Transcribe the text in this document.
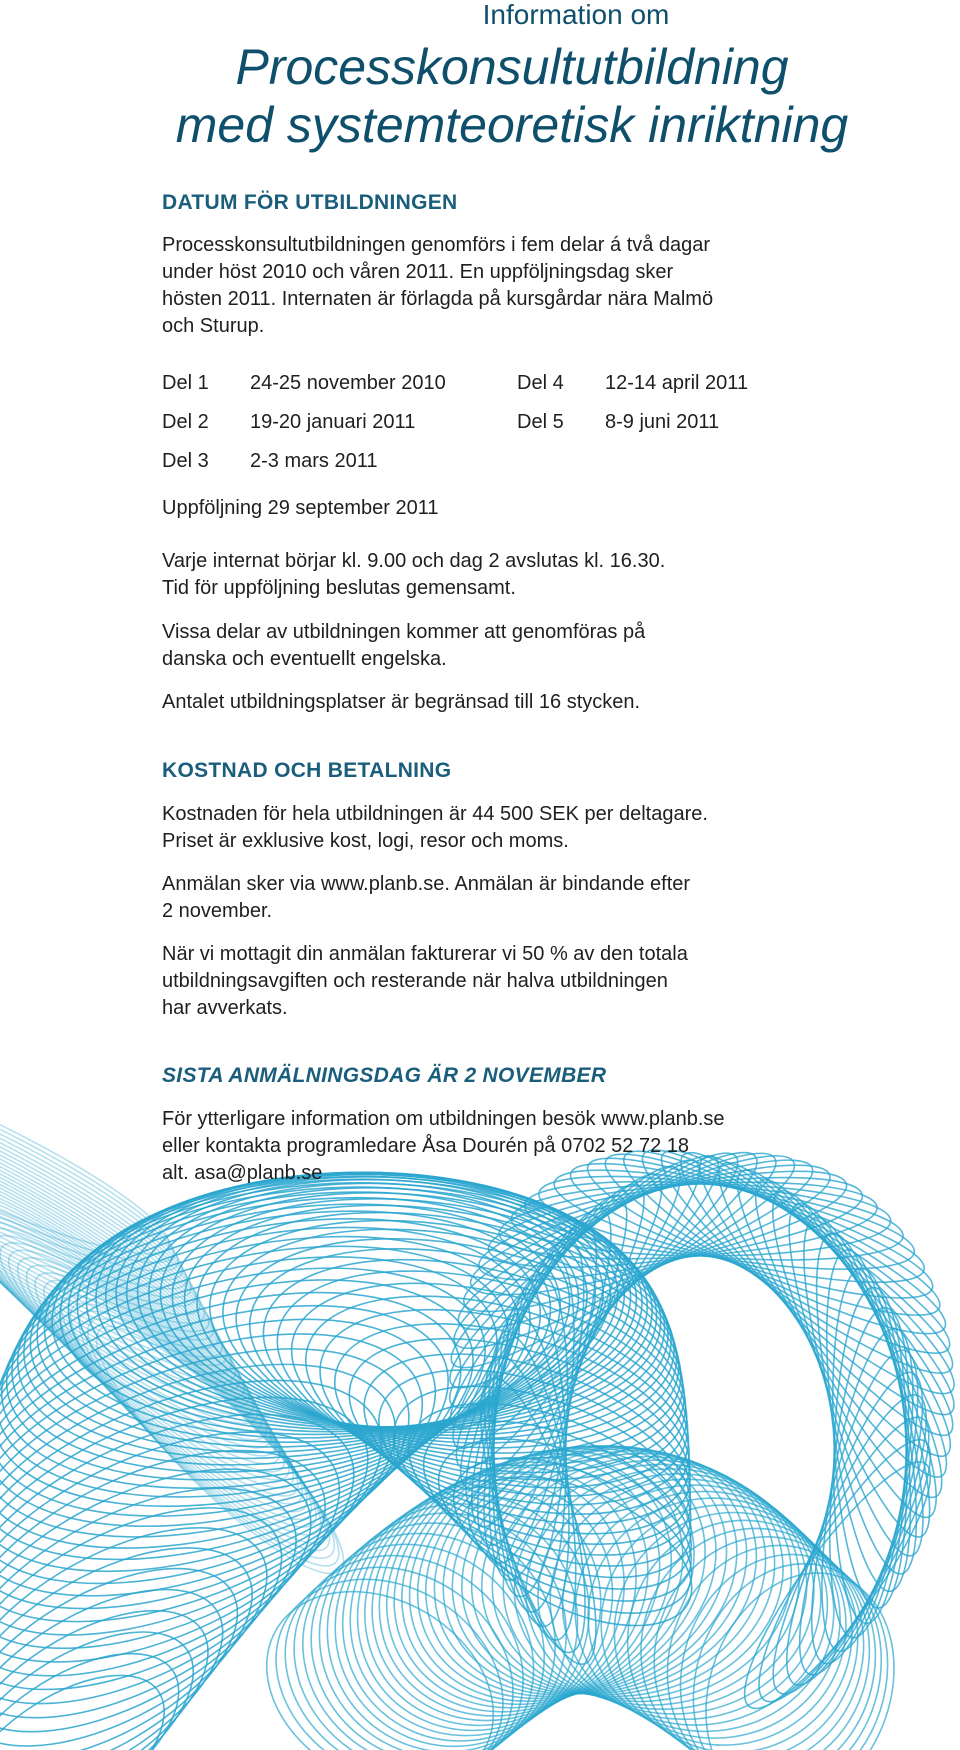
Information om
Processkonsultutbildning
med systemteoretisk inriktning
DATUM FÖR UTBILDNINGEN
Processkonsultutbildningen genomförs i fem delar á två dagar
under höst 2010 och våren 2011. En uppföljningsdag sker
hösten 2011. Internaten är förlagda på kursgårdar nära Malmö
och Sturup.
Del 1 24-25 november 2010	Del 4 12-14 april 2011
Del 2 19-20 januari 2011	Del 5 8-9 juni 2011
Del 3 2-3 mars 2011
Uppföljning 29 september 2011
Varje internat börjar kl. 9.00 och dag 2 avslutas kl. 16.30.
Tid för uppföljning beslutas gemensamt.
Vissa delar av utbildningen kommer att genomföras på
danska och eventuellt engelska.
Antalet utbildningsplatser är begränsad till 16 stycken.
KOSTNAD OCH BETALNING
Kostnaden för hela utbildningen är 44 500 SEK per deltagare.
Priset är exklusive kost, logi, resor och moms.
Anmälan sker via www.planb.se. Anmälan är bindande efter
2 november.
När vi mottagit din anmälan fakturerar vi 50 % av den totala
utbildningsavgiften och resterande när halva utbildningen
har avverkats.
SISTA ANMÄLNINGSDAG ÄR 2 NOVEMBER
För ytterligare information om utbildningen besök www.planb.se
eller kontakta programledare Åsa Dourén på 0702 52 72 18
alt. asa@planb.se
